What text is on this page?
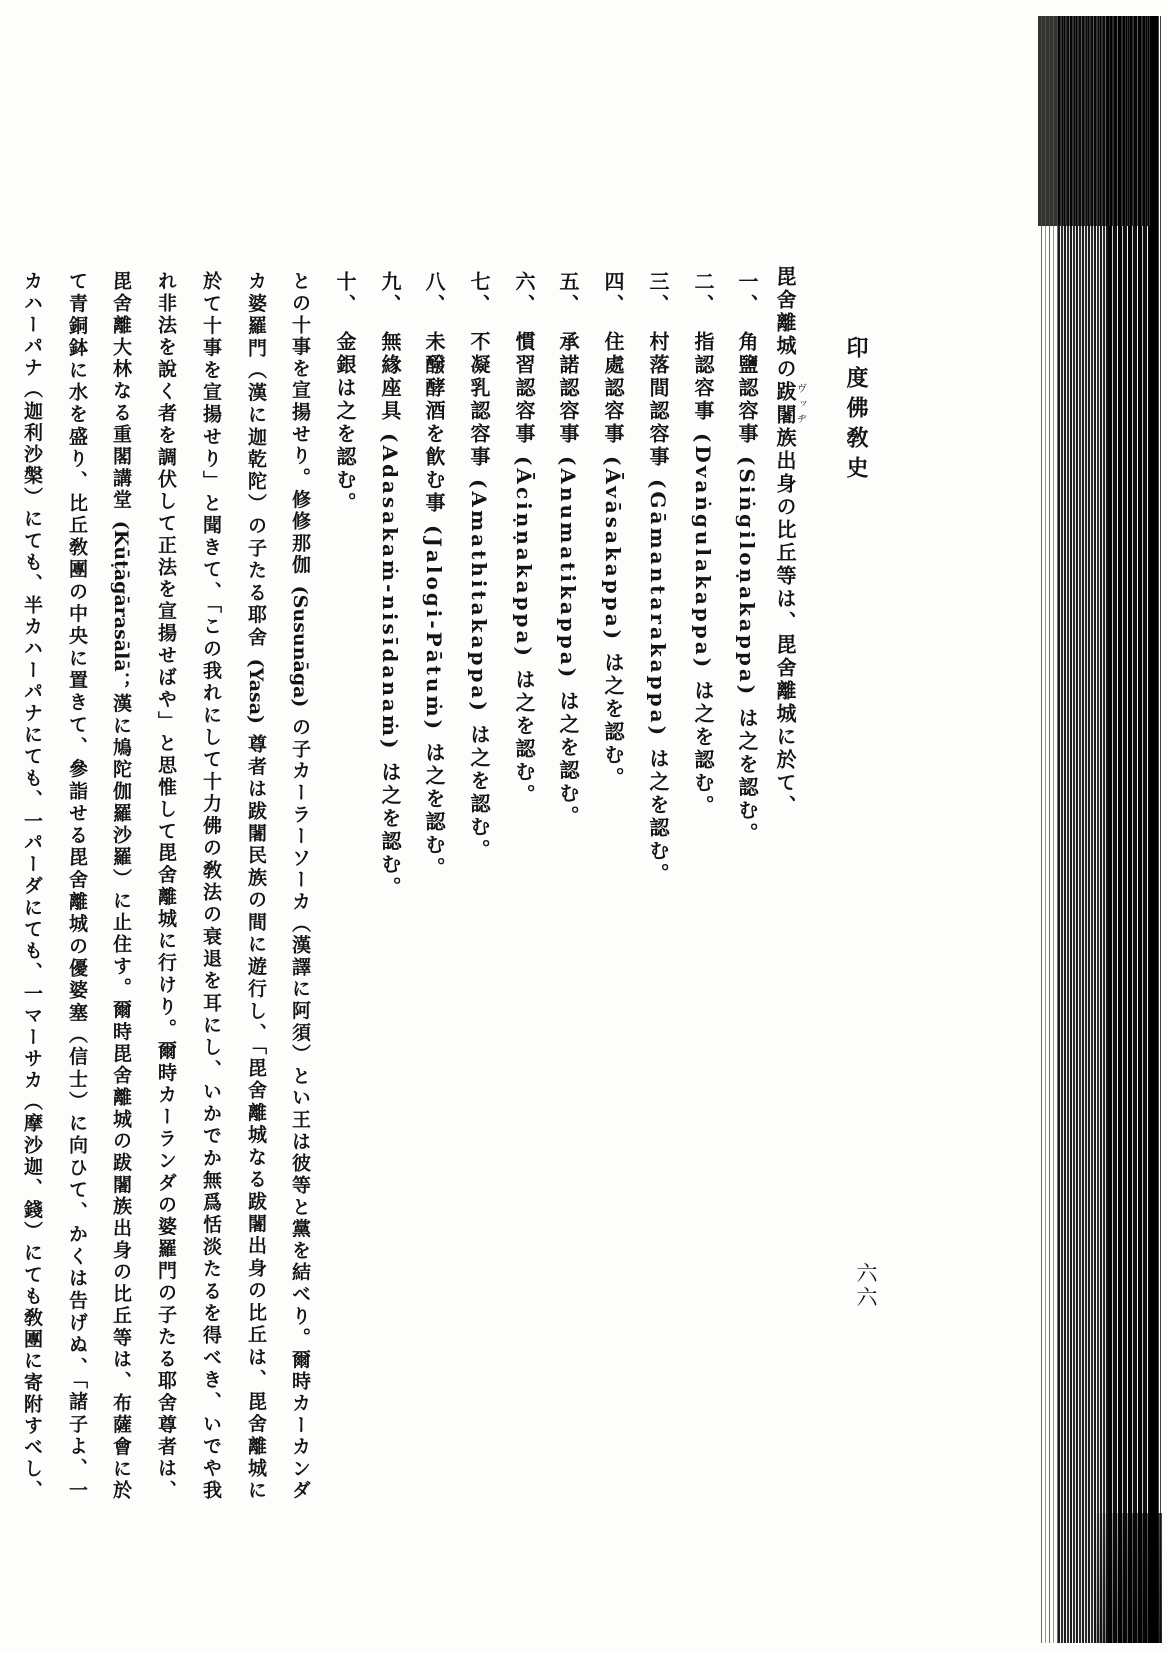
印度佛敎史
六六
毘舍離城の跋闍ヴッヂ族出身の比丘等は、毘舍離城に於て、
一、角鹽認容事 (Siṅgiloṇakappa) は之を認む。
二、指認容事 (Dvaṅgulakappa) は之を認む。
三、村落間認容事 (Gāmantarakappa) は之を認む。
四、住處認容事 (Āvāsakappa) は之を認む。
五、承諾認容事 (Anumatikappa) は之を認む。
六、慣習認容事 (Āciṇṇakappa) は之を認む。
七、不凝乳認容事 (Amathitakappa) は之を認む。
八、未醱酵酒を飮む事 (Jalogi-Pātuṁ) は之を認む。
九、無緣座具 (Adasakaṁ-nisīdanaṁ) は之を認む。
十、金銀は之を認む。
との十事を宣揚せり。修修那伽 (Susunāga) の子カーラーソーカ（漢譯に阿須）とい王は彼等と黨を結べり。爾時カーカンダ
カ婆羅門（漢に迦乾陀）の子たる耶舍 (Yasa) 尊者は跋闍民族の間に遊行し、「毘舍離城なる跋闍出身の比丘は、毘舍離城に
於て十事を宣揚せり」と聞きて、「この我れにして十力佛の敎法の衰退を耳にし、いかでか無爲恬淡たるを得べき、いでや我
れ非法を說く者を調伏して正法を宣揚せばや」と思惟して毘舍離城に行けり。爾時カーランダの婆羅門の子たる耶舍尊者は、
毘舍離大林なる重閣講堂 (Kūṭāgārasālā；漢に鳩陀伽羅沙羅）に止住す。爾時毘舍離城の跋闍族出身の比丘等は、布薩會に於
て青銅鉢に水を盛り、比丘敎團の中央に置きて、參詣せる毘舍離城の優婆塞（信士）に向ひて、かくは告げぬ、「諸子よ、一
カハーパナ（迦利沙槃）にても、半カハーパナにても、一パーダにても、一マーサカ（摩沙迦、錢）にても敎團に寄附すべし、
